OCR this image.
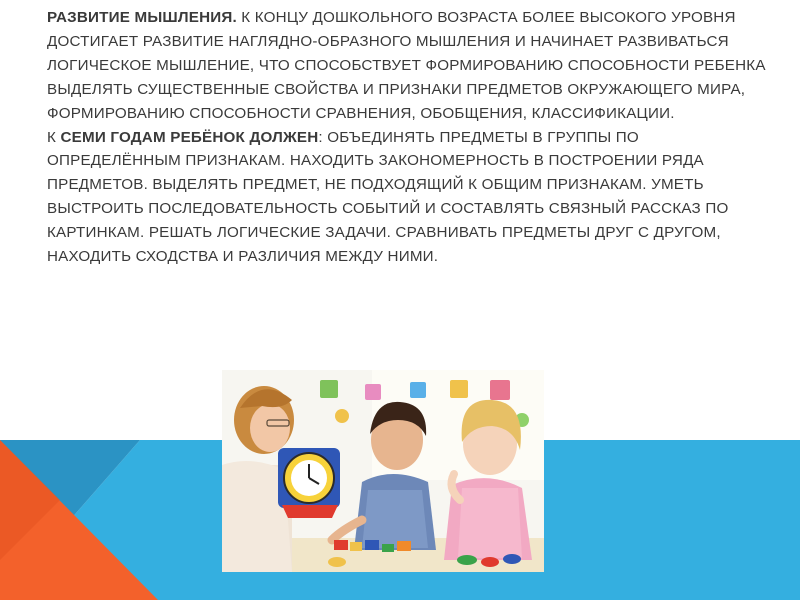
РАЗВИТИЕ МЫШЛЕНИЯ. К КОНЦУ ДОШКОЛЬНОГО ВОЗРАСТА БОЛЕЕ ВЫСОКОГО УРОВНЯ ДОСТИГАЕТ РАЗВИТИЕ НАГЛЯДНО-ОБРАЗНОГО МЫШЛЕНИЯ И НАЧИНАЕТ РАЗВИВАТЬСЯ ЛОГИЧЕСКОЕ МЫШЛЕНИЕ, ЧТО СПОСОБСТВУЕТ ФОРМИРОВАНИЮ СПОСОБНОСТИ РЕБЕНКА ВЫДЕЛЯТЬ СУЩЕСТВЕННЫЕ СВОЙСТВА И ПРИЗНАКИ ПРЕДМЕТОВ ОКРУЖАЮЩЕГО МИРА, ФОРМИРОВАНИЮ СПОСОБНОСТИ СРАВНЕНИЯ, ОБОБЩЕНИЯ, КЛАССИФИКАЦИИ.

К СЕМИ ГОДАМ РЕБЁНОК ДОЛЖЕН: ОБЪЕДИНЯТЬ ПРЕДМЕТЫ В ГРУППЫ ПО ОПРЕДЕЛЁННЫМ ПРИЗНАКАМ. НАХОДИТЬ ЗАКОНОМЕРНОСТЬ В ПОСТРОЕНИИ РЯДА ПРЕДМЕТОВ. ВЫДЕЛЯТЬ ПРЕДМЕТ, НЕ ПОДХОДЯЩИЙ К ОБЩИМ ПРИЗНАКАМ. УМЕТЬ ВЫСТРОИТЬ ПОСЛЕДОВАТЕЛЬНОСТЬ СОБЫТИЙ И СОСТАВЛЯТЬ СВЯЗНЫЙ РАССКАЗ ПО КАРТИНКАМ. РЕШАТЬ ЛОГИЧЕСКИЕ ЗАДАЧИ. СРАВНИВАТЬ ПРЕДМЕТЫ ДРУГ С ДРУГОМ, НАХОДИТЬ СХОДСТВА И РАЗЛИЧИЯ МЕЖДУ НИМИ.
